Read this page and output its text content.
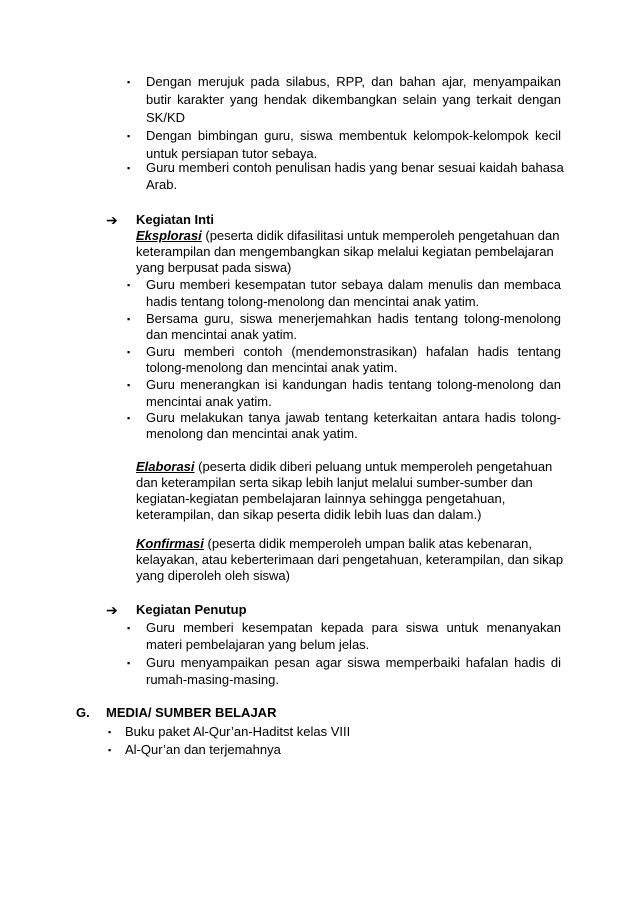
▪ Dengan merujuk pada silabus, RPP, dan bahan ajar, menyampaikan
butir karakter yang hendak dikembangkan selain yang terkait dengan
SK/KD
▪ Dengan bimbingan guru, siswa membentuk kelompok-kelompok kecil
untuk persiapan tutor sebaya.
▪ Guru memberi contoh penulisan hadis yang benar sesuai kaidah bahasa
Arab.
➔ Kegiatan Inti
Eksplorasi (peserta didik difasilitasi untuk memperoleh pengetahuan dan
keterampilan dan mengembangkan sikap melalui kegiatan pembelajaran
yang berpusat pada siswa)
▪ Guru memberi kesempatan tutor sebaya dalam menulis dan membaca
hadis tentang tolong-menolong dan mencintai anak yatim.
▪ Bersama guru, siswa menerjemahkan hadis tentang tolong-menolong
dan mencintai anak yatim.
▪ Guru memberi contoh (mendemonstrasikan) hafalan hadis tentang
tolong-menolong dan mencintai anak yatim.
▪ Guru menerangkan isi kandungan hadis tentang tolong-menolong dan
mencintai anak yatim.
▪ Guru melakukan tanya jawab tentang keterkaitan antara hadis tolong-
menolong dan mencintai anak yatim.
Elaborasi (peserta didik diberi peluang untuk memperoleh pengetahuan
dan keterampilan serta sikap lebih lanjut melalui sumber-sumber dan
kegiatan-kegiatan pembelajaran lainnya sehingga pengetahuan,
keterampilan, dan sikap peserta didik lebih luas dan dalam.)
Konfirmasi (peserta didik memperoleh umpan balik atas kebenaran,
kelayakan, atau keberterimaan dari pengetahuan, keterampilan, dan sikap
yang diperoleh oleh siswa)
➔ Kegiatan Penutup
▪ Guru memberi kesempatan kepada para siswa untuk menanyakan
materi pembelajaran yang belum jelas.
▪ Guru menyampaikan pesan agar siswa memperbaiki hafalan hadis di
rumah-masing-masing.
G. MEDIA/ SUMBER BELAJAR
▪ Buku paket Al-Qur’an-Haditst kelas VIII
▪ Al-Qur’an dan terjemahnya
